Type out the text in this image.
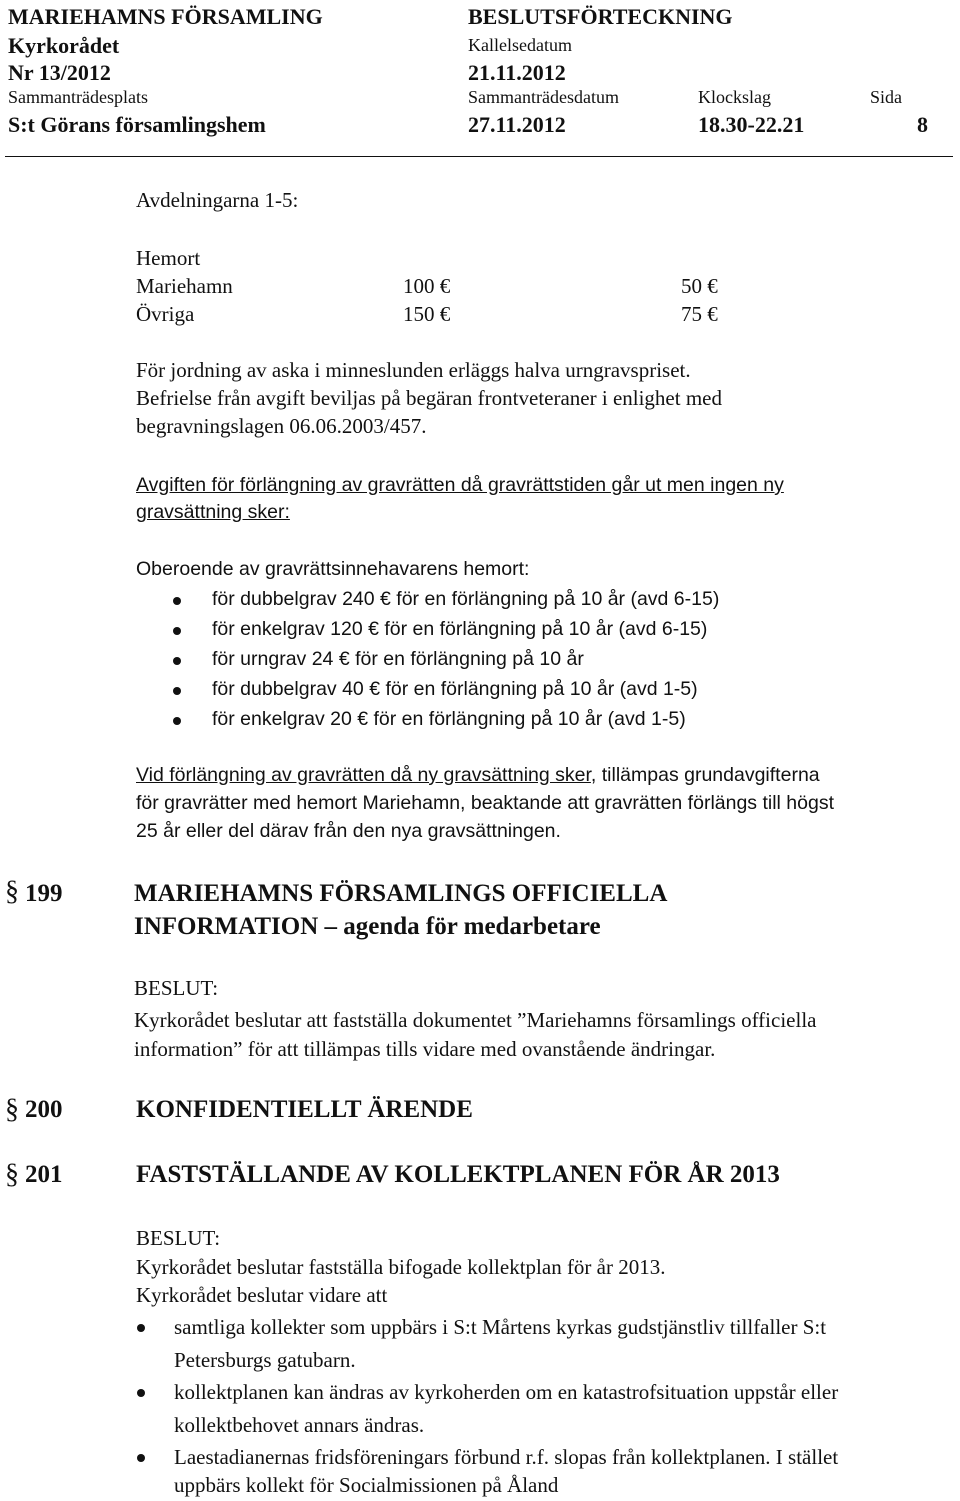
MARIEHAMNS FÖRSAMLING	BESLUTSFÖRTECKNING
Kyrkorådet	Kallelsedatum
Nr 13/2012	21.11.2012
Sammanträdesplats	Sammanträdesdatum	Klockslag	Sida
S:t Görans församlingshem	27.11.2012	18.30-22.21	8
Avdelningarna 1-5:
Hemort
Mariehamn	100 €	50 €
Övriga	150 €	75 €
För jordning av aska i minneslunden erläggs halva urngravspriset.
Befrielse från avgift beviljas på begäran frontveteraner i enlighet med
begravningslagen 06.06.2003/457.
Avgiften för förlängning av gravrätten då gravrättstiden går ut men ingen ny
gravsättning sker:
Oberoende av gravrättsinnehavarens hemort:
för dubbelgrav 240 € för en förlängning på 10 år (avd 6-15)
för enkelgrav 120 € för en förlängning på 10 år (avd 6-15)
för urngrav 24 € för en förlängning på 10 år
för dubbelgrav 40 € för en förlängning på 10 år (avd 1-5)
för enkelgrav 20 € för en förlängning på 10 år (avd 1-5)
Vid förlängning av gravrätten då ny gravsättning sker, tillämpas grundavgifterna
för gravrätter med hemort Mariehamn, beaktande att gravrätten förlängs till högst
25 år eller del därav från den nya gravsättningen.
§ 199	MARIEHAMNS FÖRSAMLINGS OFFICIELLA
INFORMATION – agenda för medarbetare
BESLUT:
Kyrkorådet beslutar att fastställa dokumentet ”Mariehamns församlings officiella
information” för att tillämpas tills vidare med ovanstående ändringar.
§ 200	KONFIDENTIELLT ÄRENDE
§ 201	FASTSTÄLLANDE AV KOLLEKTPLANEN FÖR ÅR 2013
BESLUT:
Kyrkorådet beslutar fastställa bifogade kollektplan för år 2013.
Kyrkorådet beslutar vidare att
samtliga kollekter som uppbärs i S:t Mårtens kyrkas gudstjänstliv tillfaller S:t
Petersburgs gatubarn.
kollektplanen kan ändras av kyrkoherden om en katastrofsituation uppstår eller
kollektbehovet annars ändras.
Laestadianernas fridsföreningars förbund r.f. slopas från kollektplanen. I stället
uppbärs kollekt för Socialmissionen på Åland
